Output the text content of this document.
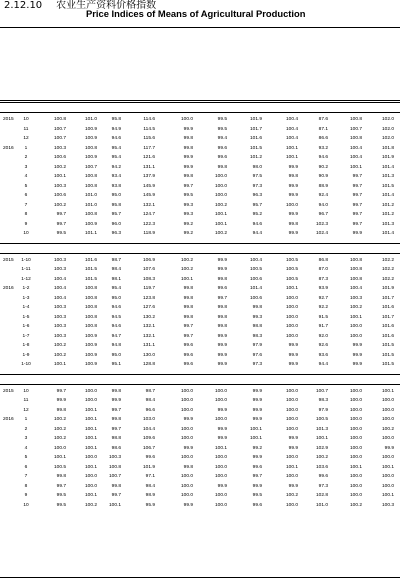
2.12.10 农业生产资料价格指数
Price Indices of Means of Agricultural Production
2015	10	100.8	101.0	95.8	114.6	100.0	99.5	101.9	100.4	87.6	100.8	102.0
	11	100.7	100.9	94.9	114.5	99.9	99.5	101.7	100.4	87.1	100.7	102.0
	12	100.7	100.9	94.6	115.6	99.8	99.4	101.6	100.4	86.6	100.8	102.0
2016	1	100.3	100.8	95.4	117.7	99.8	99.6	101.5	100.1	93.2	100.4	101.8
	2	100.6	100.9	95.4	121.6	99.9	99.6	101.2	100.1	94.6	100.4	101.9
	3	100.2	100.7	94.2	131.1	99.9	99.8	98.0	99.9	90.2	100.1	101.4
	4	100.1	100.8	93.4	137.9	99.8	100.0	97.5	99.8	90.9	99.7	101.3
	5	100.3	100.8	93.8	145.9	99.7	100.0	97.3	99.9	88.9	99.7	101.5
	6	100.6	101.0	95.0	145.9	99.5	100.0	96.3	99.9	92.4	99.7	101.4
	7	100.2	101.0	95.8	132.1	99.3	100.2	95.7	100.0	94.0	99.7	101.2
	8	99.7	100.8	95.7	124.7	99.3	100.1	95.2	99.9	96.7	99.7	101.2
	9	99.7	100.9	96.0	122.3	99.2	100.1	94.6	99.8	102.3	99.7	101.3
	10	99.5	101.1	96.3	118.9	99.2	100.2	94.4	99.9	102.4	99.9	101.4
2015	1-10	100.3	101.6	98.7	106.9	100.2	99.9	100.4	100.5	86.8	100.8	102.2
	1-11	100.3	101.5	98.4	107.6	100.2	99.9	100.5	100.5	87.0	100.8	102.2
	1-12	100.4	101.5	98.1	108.3	100.1	99.8	100.6	100.5	87.3	100.8	102.2
2016	1-2	100.4	100.8	95.4	119.7	99.8	99.6	101.4	100.1	93.9	100.4	101.9
	1-3	100.4	100.8	95.0	123.8	99.8	99.7	100.6	100.0	92.7	100.3	101.7
	1-4	100.3	100.8	94.6	127.6	99.8	99.8	99.8	100.0	92.2	100.2	101.6
	1-5	100.3	100.8	94.5	130.2	99.8	99.8	99.3	100.0	91.5	100.1	101.7
	1-6	100.3	100.8	94.6	132.1	99.7	99.8	98.8	100.0	91.7	100.0	101.6
	1-7	100.3	100.9	94.7	132.1	99.7	99.9	98.3	100.0	92.0	100.0	101.6
	1-8	100.2	100.9	94.8	131.1	99.6	99.9	97.9	99.9	92.6	99.9	101.5
	1-9	100.2	100.9	95.0	130.0	99.6	99.9	97.6	99.9	93.6	99.9	101.5
	1-10	100.1	100.9	95.1	128.8	99.6	99.9	97.3	99.9	94.4	99.9	101.5
2015	10	99.7	100.0	99.8	98.7	100.0	100.0	99.9	100.0	100.7	100.0	100.1
	11	99.9	100.0	99.9	98.4	100.0	100.0	99.9	100.0	98.3	100.0	100.0
	12	99.8	100.1	99.7	96.6	100.0	99.9	99.9	100.0	97.9	100.0	100.0
2016	1	100.2	100.1	99.8	103.0	99.9	100.0	99.9	100.0	100.5	100.0	100.0
	2	100.2	100.1	99.7	104.4	100.0	99.9	100.1	100.0	101.3	100.0	100.2
	3	100.2	100.1	98.8	109.6	100.0	99.9	100.1	99.9	100.1	100.0	100.0
	4	100.0	100.1	98.6	106.7	99.9	100.1	99.2	99.9	102.9	100.0	99.9
	5	100.1	100.0	100.3	99.6	100.0	100.0	99.9	100.0	100.2	100.0	100.0
	6	100.5	100.1	100.8	101.9	99.8	100.0	99.6	100.1	103.6	100.1	100.1
	7	99.8	100.0	100.7	97.1	100.0	100.0	99.7	100.0	99.6	100.0	100.0
	8	99.7	100.0	99.8	98.4	100.0	99.9	99.9	99.9	97.3	100.0	100.0
	9	99.5	100.1	99.7	98.9	100.0	100.0	99.5	100.2	102.8	100.0	100.1
	10	99.5	100.2	100.1	95.9	99.9	100.0	99.6	100.0	101.0	100.2	100.3
